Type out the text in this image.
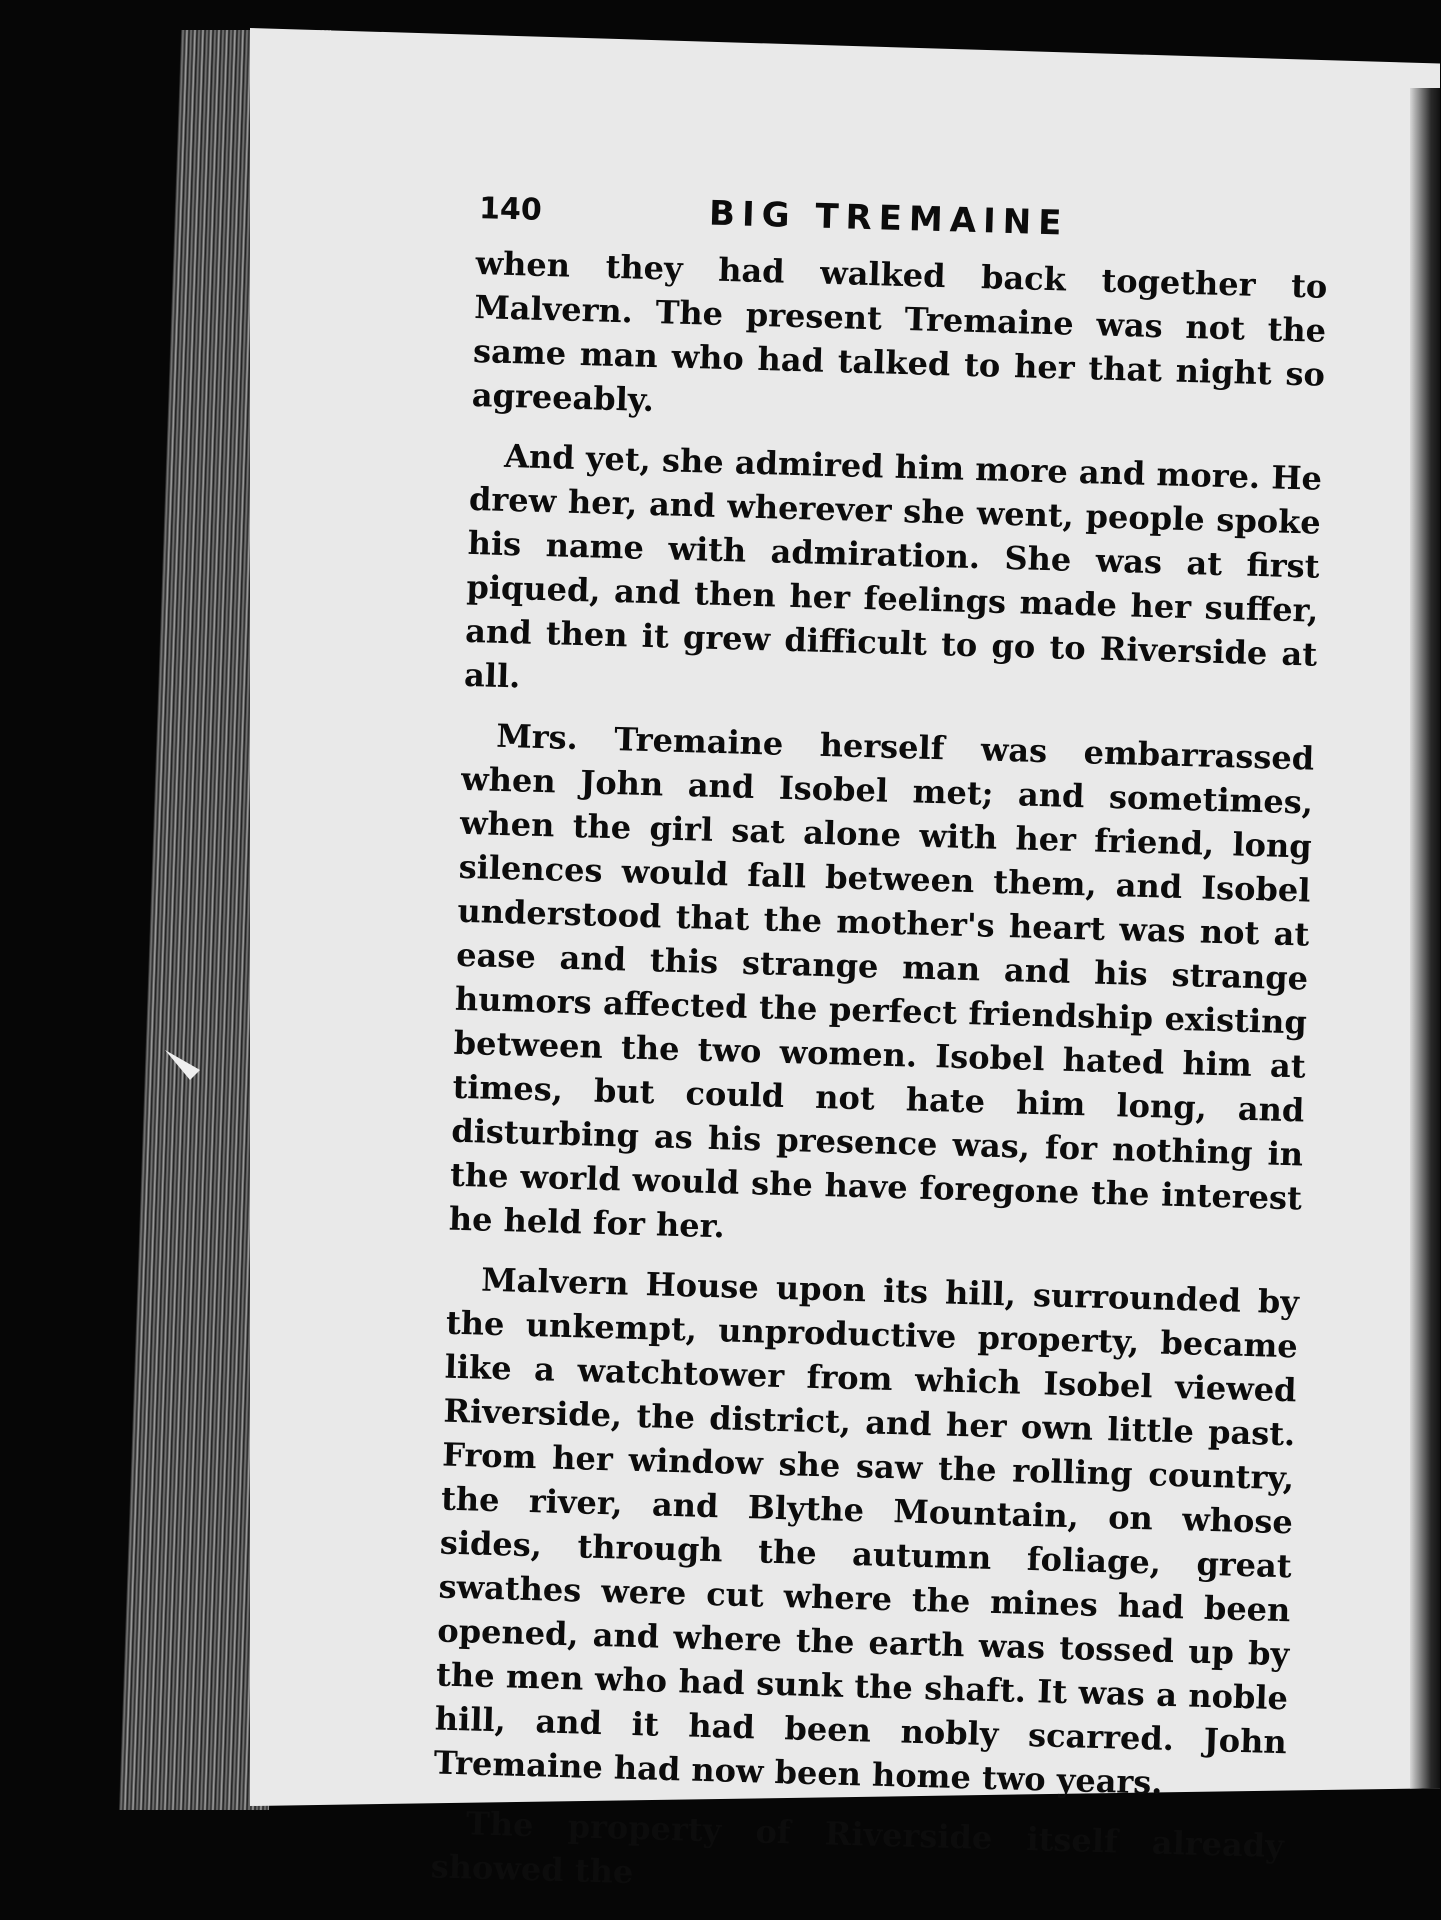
140	BIG TREMAINE

when they had walked back together to Malvern. The present Tremaine was not the same man who had talked to her that night so agreeably.

And yet, she admired him more and more. He drew her, and wherever she went, people spoke his name with admiration. She was at first piqued, and then her feelings made her suffer, and then it grew difficult to go to Riverside at all.

Mrs. Tremaine herself was embarrassed when John and Isobel met; and sometimes, when the girl sat alone with her friend, long silences would fall between them, and Isobel understood that the mother's heart was not at ease and this strange man and his strange humors affected the perfect friendship existing between the two women. Isobel hated him at times, but could not hate him long, and disturbing as his presence was, for nothing in the world would she have foregone the interest he held for her.

Malvern House upon its hill, surrounded by the unkempt, unproductive property, became like a watchtower from which Isobel viewed Riverside, the district, and her own little past. From her window she saw the rolling country, the river, and Blythe Mountain, on whose sides, through the autumn foliage, great swathes were cut where the mines had been opened, and where the earth was tossed up by the men who had sunk the shaft. It was a noble hill, and it had been nobly scarred. John Tremaine had now been home two years.

The property of Riverside itself already showed the
